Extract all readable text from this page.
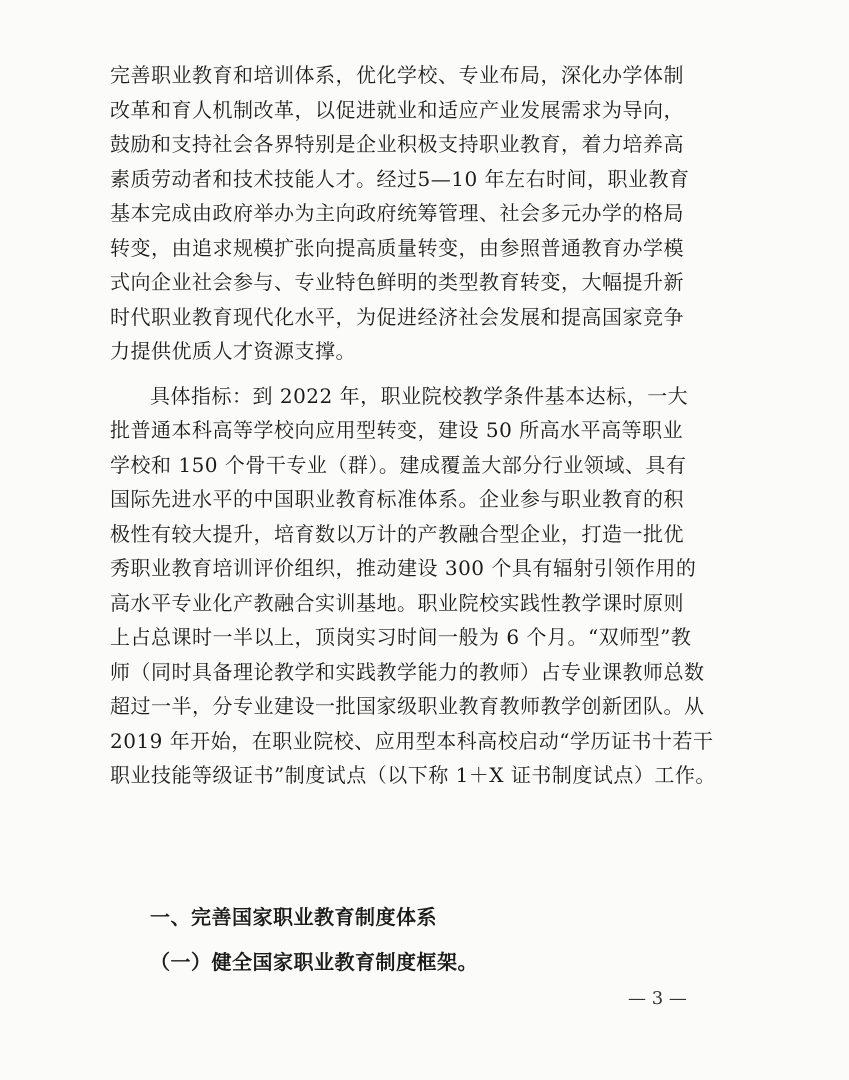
完善职业教育和培训体系，优化学校、专业布局，深化办学体制
改革和育人机制改革，以促进就业和适应产业发展需求为导向，
鼓励和支持社会各界特别是企业积极支持职业教育，着力培养高
素质劳动者和技术技能人才。经过5—10 年左右时间，职业教育
基本完成由政府举办为主向政府统筹管理、社会多元办学的格局
转变，由追求规模扩张向提高质量转变，由参照普通教育办学模
式向企业社会参与、专业特色鲜明的类型教育转变，大幅提升新
时代职业教育现代化水平，为促进经济社会发展和提高国家竞争
力提供优质人才资源支撑。
具体指标：到 2022 年，职业院校教学条件基本达标，一大
批普通本科高等学校向应用型转变，建设 50 所高水平高等职业
学校和 150 个骨干专业（群）。建成覆盖大部分行业领域、具有
国际先进水平的中国职业教育标准体系。企业参与职业教育的积
极性有较大提升，培育数以万计的产教融合型企业，打造一批优
秀职业教育培训评价组织，推动建设 300 个具有辐射引领作用的
高水平专业化产教融合实训基地。职业院校实践性教学课时原则
上占总课时一半以上，顶岗实习时间一般为 6 个月。“双师型”教
师（同时具备理论教学和实践教学能力的教师）占专业课教师总数
超过一半，分专业建设一批国家级职业教育教师教学创新团队。从
2019 年开始，在职业院校、应用型本科高校启动“学历证书十若干
职业技能等级证书”制度试点（以下称 1＋X 证书制度试点）工作。
一、完善国家职业教育制度体系
（一）健全国家职业教育制度框架。
— 3 —
